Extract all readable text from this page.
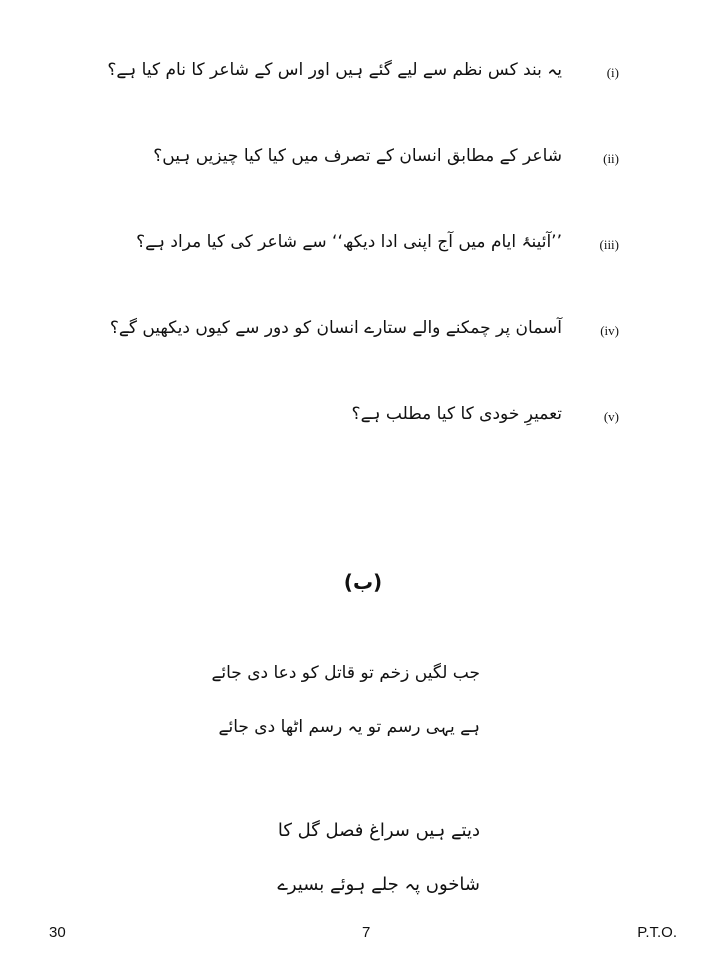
(i)
یہ بند کس نظم سے لیے گئے ہیں اور اس کے شاعر کا نام کیا ہے؟
(ii)
شاعر کے مطابق انسان کے تصرف میں کیا کیا چیزیں ہیں؟
(iii)
’’آئینۂ ایام میں آج اپنی ادا دیکھ‘‘ سے شاعر کی کیا مراد ہے؟
(iv)
آسمان پر چمکنے والے ستارے انسان کو دور سے کیوں دیکھیں گے؟
(v)
تعمیرِ خودی کا کیا مطلب ہے؟
(ب)
جب لگیں زخم تو قاتل کو دعا دی جائے
ہے یہی رسم تو یہ رسم اٹھا دی جائے
دیتے ہیں سراغ فصل گل کا
شاخوں پہ جلے ہوئے بسیرے
30	7	P.T.O.
